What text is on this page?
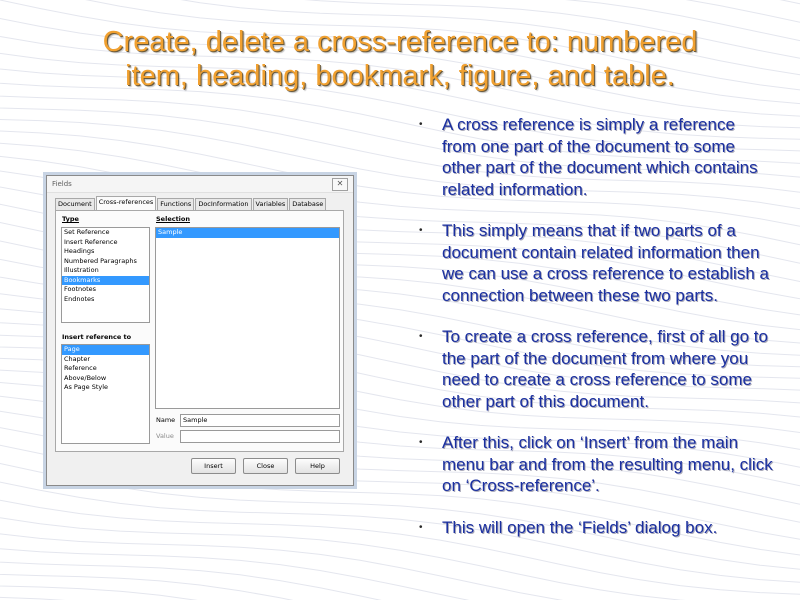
Create, delete a cross-reference to: numbered
item, heading, bookmark, figure, and table.
Fields	✕
Document	Cross-references	Functions	DocInformation	Variables	Database
Type
Set Reference
Insert Reference
Headings
Numbered Paragraphs
Illustration
Bookmarks
Footnotes
Endnotes
Insert reference to
Page
Chapter
Reference
Above/Below
As Page Style
Selection
Sample
Name	Sample
Value
Insert	Close	Help
•	A cross reference is simply a reference from one part of the document to some other part of the document which contains related information.
•	This simply means that if two parts of a document contain related information then we can use a cross reference to establish a connection between these two parts.
•	To create a cross reference, first of all go to the part of the document from where you need to create a cross reference to some other part of this document.
•	After this, click on ‘Insert’ from the main menu bar and from the resulting menu, click on ‘Cross-reference’.
•	This will open the ‘Fields’ dialog box.
